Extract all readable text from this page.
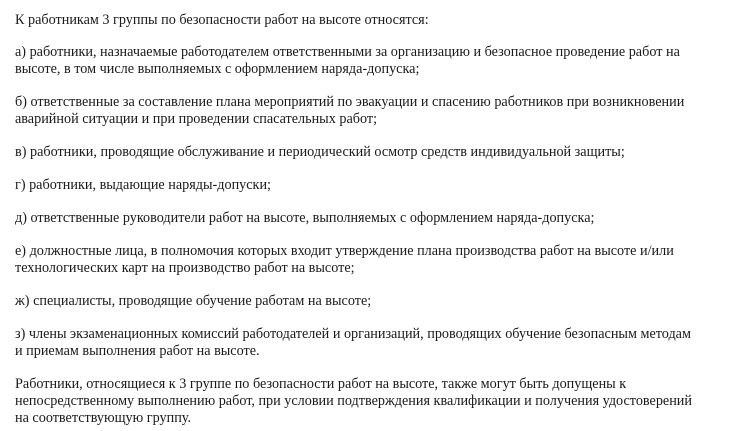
К работникам 3 группы по безопасности работ на высоте относятся:

а) работники, назначаемые работодателем ответственными за организацию и безопасное проведение работ на
высоте, в том числе выполняемых с оформлением наряда-допуска;

б) ответственные за составление плана мероприятий по эвакуации и спасению работников при возникновении
аварийной ситуации и при проведении спасательных работ;

в) работники, проводящие обслуживание и периодический осмотр средств индивидуальной защиты;

г) работники, выдающие наряды-допуски;

д) ответственные руководители работ на высоте, выполняемых с оформлением наряда-допуска;

е) должностные лица, в полномочия которых входит утверждение плана производства работ на высоте и/или
технологических карт на производство работ на высоте;

ж) специалисты, проводящие обучение работам на высоте;

з) члены экзаменационных комиссий работодателей и организаций, проводящих обучение безопасным методам
и приемам выполнения работ на высоте.

Работники, относящиеся к 3 группе по безопасности работ на высоте, также могут быть допущены к
непосредственному выполнению работ, при условии подтверждения квалификации и получения удостоверений
на соответствующую группу.
